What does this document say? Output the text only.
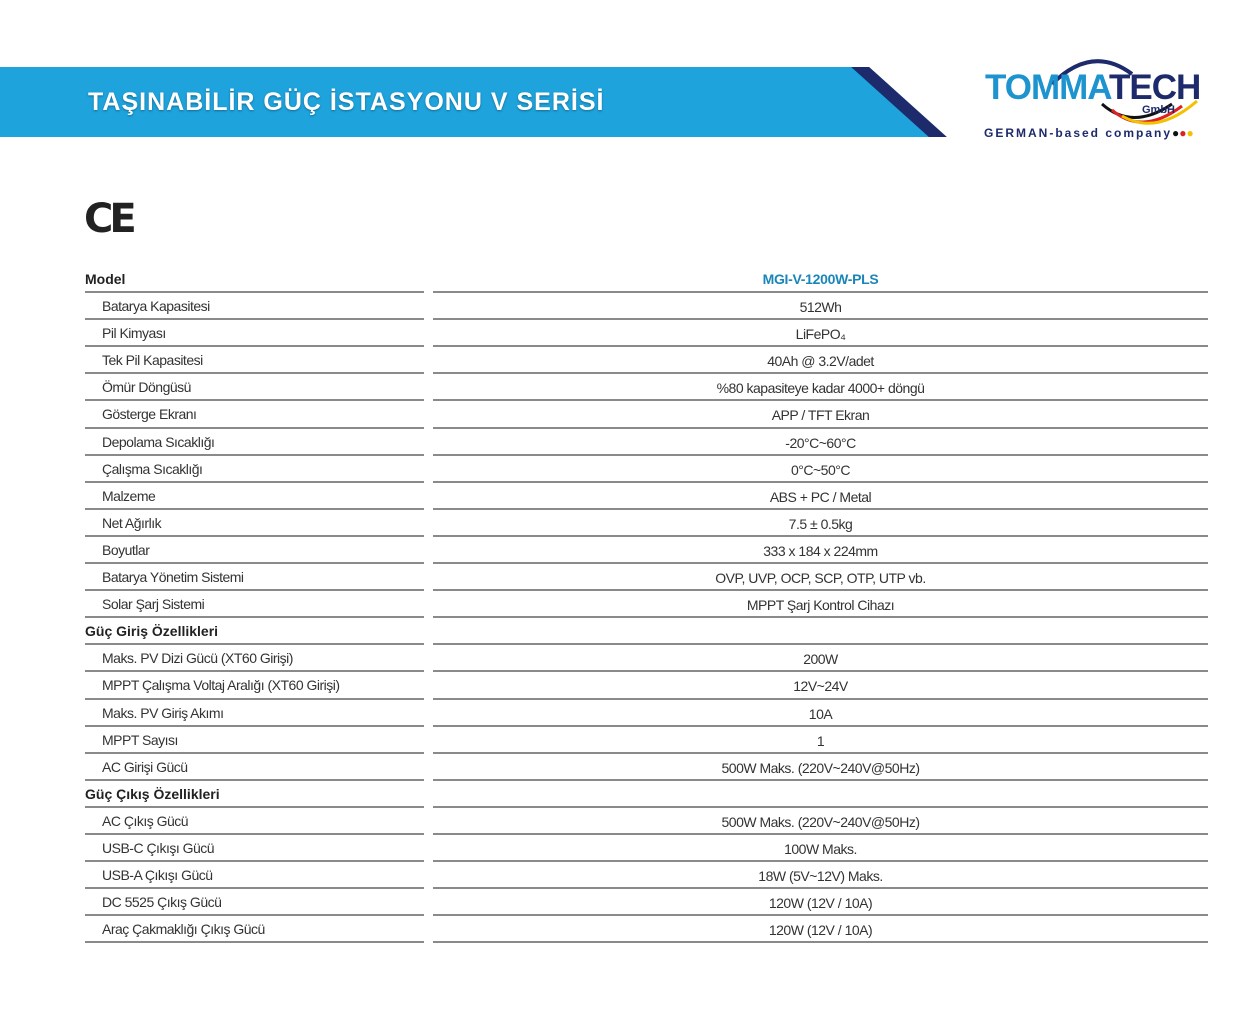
TAŞINABİLİR GÜÇ İSTASYONU V SERİSİ	TOMMATECH
GmbH
GERMAN-based company●●●
CE
Model	MGI-V-1200W-PLS
Batarya Kapasitesi	512Wh
Pil Kimyası	LiFePO₄
Tek Pil Kapasitesi	40Ah @ 3.2V/adet
Ömür Döngüsü	%80 kapasiteye kadar 4000+ döngü
Gösterge Ekranı	APP / TFT Ekran
Depolama Sıcaklığı	-20°C~60°C
Çalışma Sıcaklığı	0°C~50°C
Malzeme	ABS + PC / Metal
Net Ağırlık	7.5 ± 0.5kg
Boyutlar	333 x 184 x 224mm
Batarya Yönetim Sistemi	OVP, UVP, OCP, SCP, OTP, UTP vb.
Solar Şarj Sistemi	MPPT Şarj Kontrol Cihazı
Güç Giriş Özellikleri
Maks. PV Dizi Gücü (XT60 Girişi)	200W
MPPT Çalışma Voltaj Aralığı (XT60 Girişi)	12V~24V
Maks. PV Giriş Akımı	10A
MPPT Sayısı	1
AC Girişi Gücü	500W Maks. (220V~240V@50Hz)
Güç Çıkış Özellikleri
AC Çıkış Gücü	500W Maks. (220V~240V@50Hz)
USB-C Çıkışı Gücü	100W Maks.
USB-A Çıkışı Gücü	18W (5V~12V) Maks.
DC 5525 Çıkış Gücü	120W (12V / 10A)
Araç Çakmaklığı Çıkış Gücü	120W (12V / 10A)
